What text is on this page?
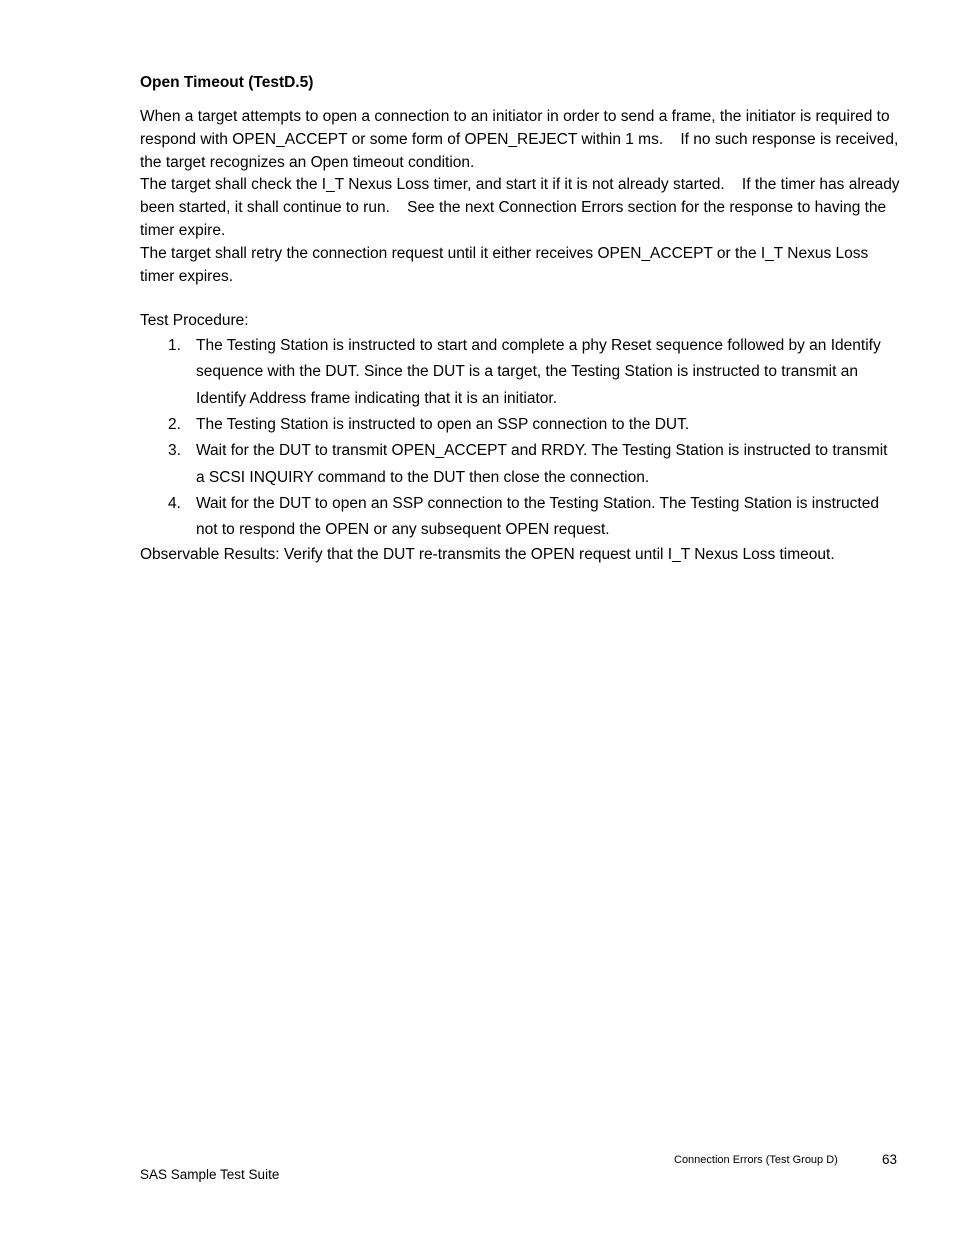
Open Timeout (TestD.5)

When a target attempts to open a connection to an initiator in order to send a frame, the initiator is required to respond with OPEN_ACCEPT or some form of OPEN_REJECT within 1 ms.    If no such response is received, the target recognizes an Open timeout condition.

The target shall check the I_T Nexus Loss timer, and start it if it is not already started.    If the timer has already been started, it shall continue to run.    See the next Connection Errors section for the response to having the timer expire.

The target shall retry the connection request until it either receives OPEN_ACCEPT or the I_T Nexus Loss timer expires.

Test Procedure:

1. The Testing Station is instructed to start and complete a phy Reset sequence followed by an Identify sequence with the DUT. Since the DUT is a target, the Testing Station is instructed to transmit an Identify Address frame indicating that it is an initiator.
2. The Testing Station is instructed to open an SSP connection to the DUT.
3. Wait for the DUT to transmit OPEN_ACCEPT and RRDY. The Testing Station is instructed to transmit a SCSI INQUIRY command to the DUT then close the connection.
4. Wait for the DUT to open an SSP connection to the Testing Station. The Testing Station is instructed not to respond the OPEN or any subsequent OPEN request.

Observable Results: Verify that the DUT re-transmits the OPEN request until I_T Nexus Loss timeout.

Connection Errors (Test Group D)	63
SAS Sample Test Suite
